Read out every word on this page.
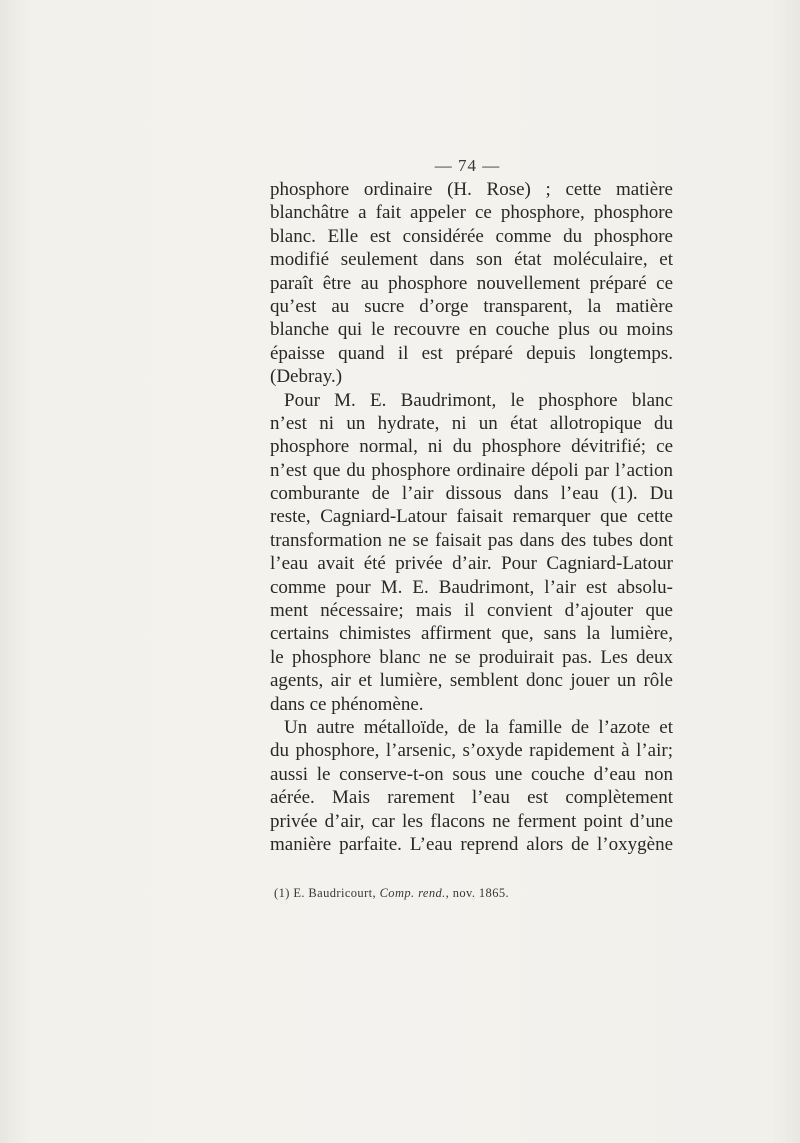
— 74 —
phosphore ordinaire (H. Rose) ; cette matière
blanchâtre a fait appeler ce phosphore, phosphore
blanc. Elle est considérée comme du phosphore
modifié seulement dans son état moléculaire, et
paraît être au phosphore nouvellement préparé ce
qu’est au sucre d’orge transparent, la matière
blanche qui le recouvre en couche plus ou moins
épaisse quand il est préparé depuis longtemps.
(Debray.)
Pour M. E. Baudrimont, le phosphore blanc
n’est ni un hydrate, ni un état allotropique du
phosphore normal, ni du phosphore dévitrifié; ce
n’est que du phosphore ordinaire dépoli par l’action
comburante de l’air dissous dans l’eau (1). Du
reste, Cagniard-Latour faisait remarquer que cette
transformation ne se faisait pas dans des tubes dont
l’eau avait été privée d’air. Pour Cagniard-Latour
comme pour M. E. Baudrimont, l’air est absolu-
ment nécessaire; mais il convient d’ajouter que
certains chimistes affirment que, sans la lumière,
le phosphore blanc ne se produirait pas. Les deux
agents, air et lumière, semblent donc jouer un rôle
dans ce phénomène.
Un autre métalloïde, de la famille de l’azote et
du phosphore, l’arsenic, s’oxyde rapidement à l’air;
aussi le conserve-t-on sous une couche d’eau non
aérée. Mais rarement l’eau est complètement
privée d’air, car les flacons ne ferment point d’une
manière parfaite. L’eau reprend alors de l’oxygène
(1) E. Baudricourt, Comp. rend., nov. 1865.
